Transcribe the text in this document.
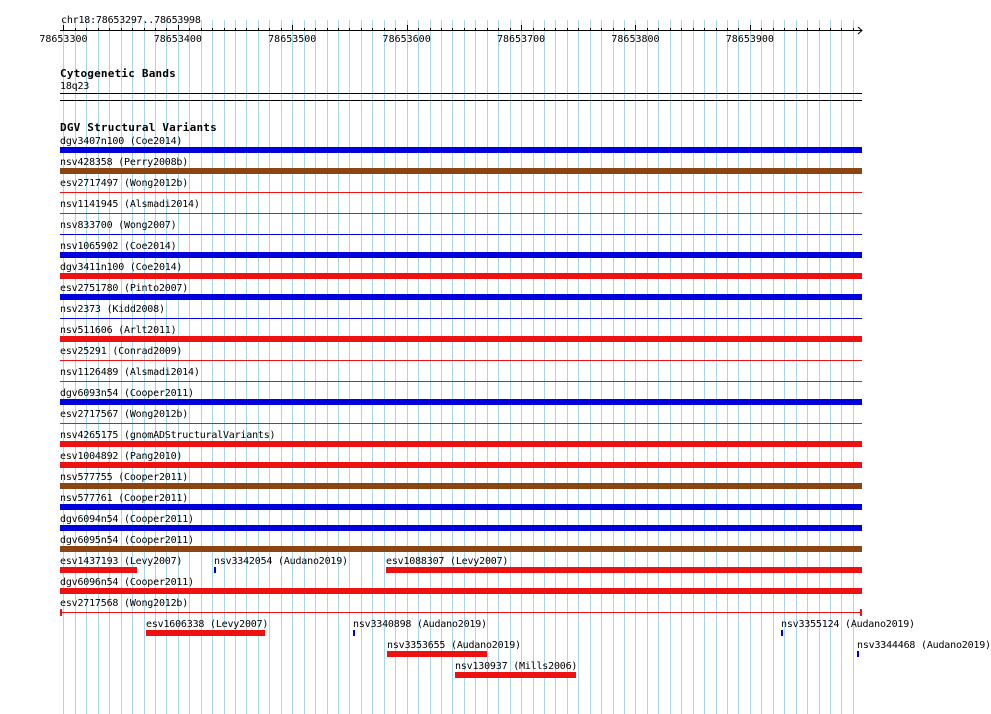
chr18:78653297..78653998
78653300	78653400	78653500	78653600	78653700	78653800	78653900
Cytogenetic Bands
18q23
DGV Structural Variants
dgv3407n100 (Coe2014)
nsv428358 (Perry2008b)
esv2717497 (Wong2012b)
nsv1141945 (Alsmadi2014)
nsv833700 (Wong2007)
nsv1065902 (Coe2014)
dgv3411n100 (Coe2014)
esv2751780 (Pinto2007)
nsv2373 (Kidd2008)
nsv511606 (Arlt2011)
esv25291 (Conrad2009)
nsv1126489 (Alsmadi2014)
dgv6093n54 (Cooper2011)
esv2717567 (Wong2012b)
nsv4265175 (gnomADStructuralVariants)
esv1004892 (Pang2010)
nsv577755 (Cooper2011)
nsv577761 (Cooper2011)
dgv6094n54 (Cooper2011)
dgv6095n54 (Cooper2011)
esv1437193 (Levy2007)	nsv3342054 (Audano2019)	esv1088307 (Levy2007)
dgv6096n54 (Cooper2011)
esv2717568 (Wong2012b)
esv1606338 (Levy2007)	nsv3340898 (Audano2019)	nsv3355124 (Audano2019)
nsv3353655 (Audano2019)	nsv3344468 (Audano2019)
nsv130937 (Mills2006)
